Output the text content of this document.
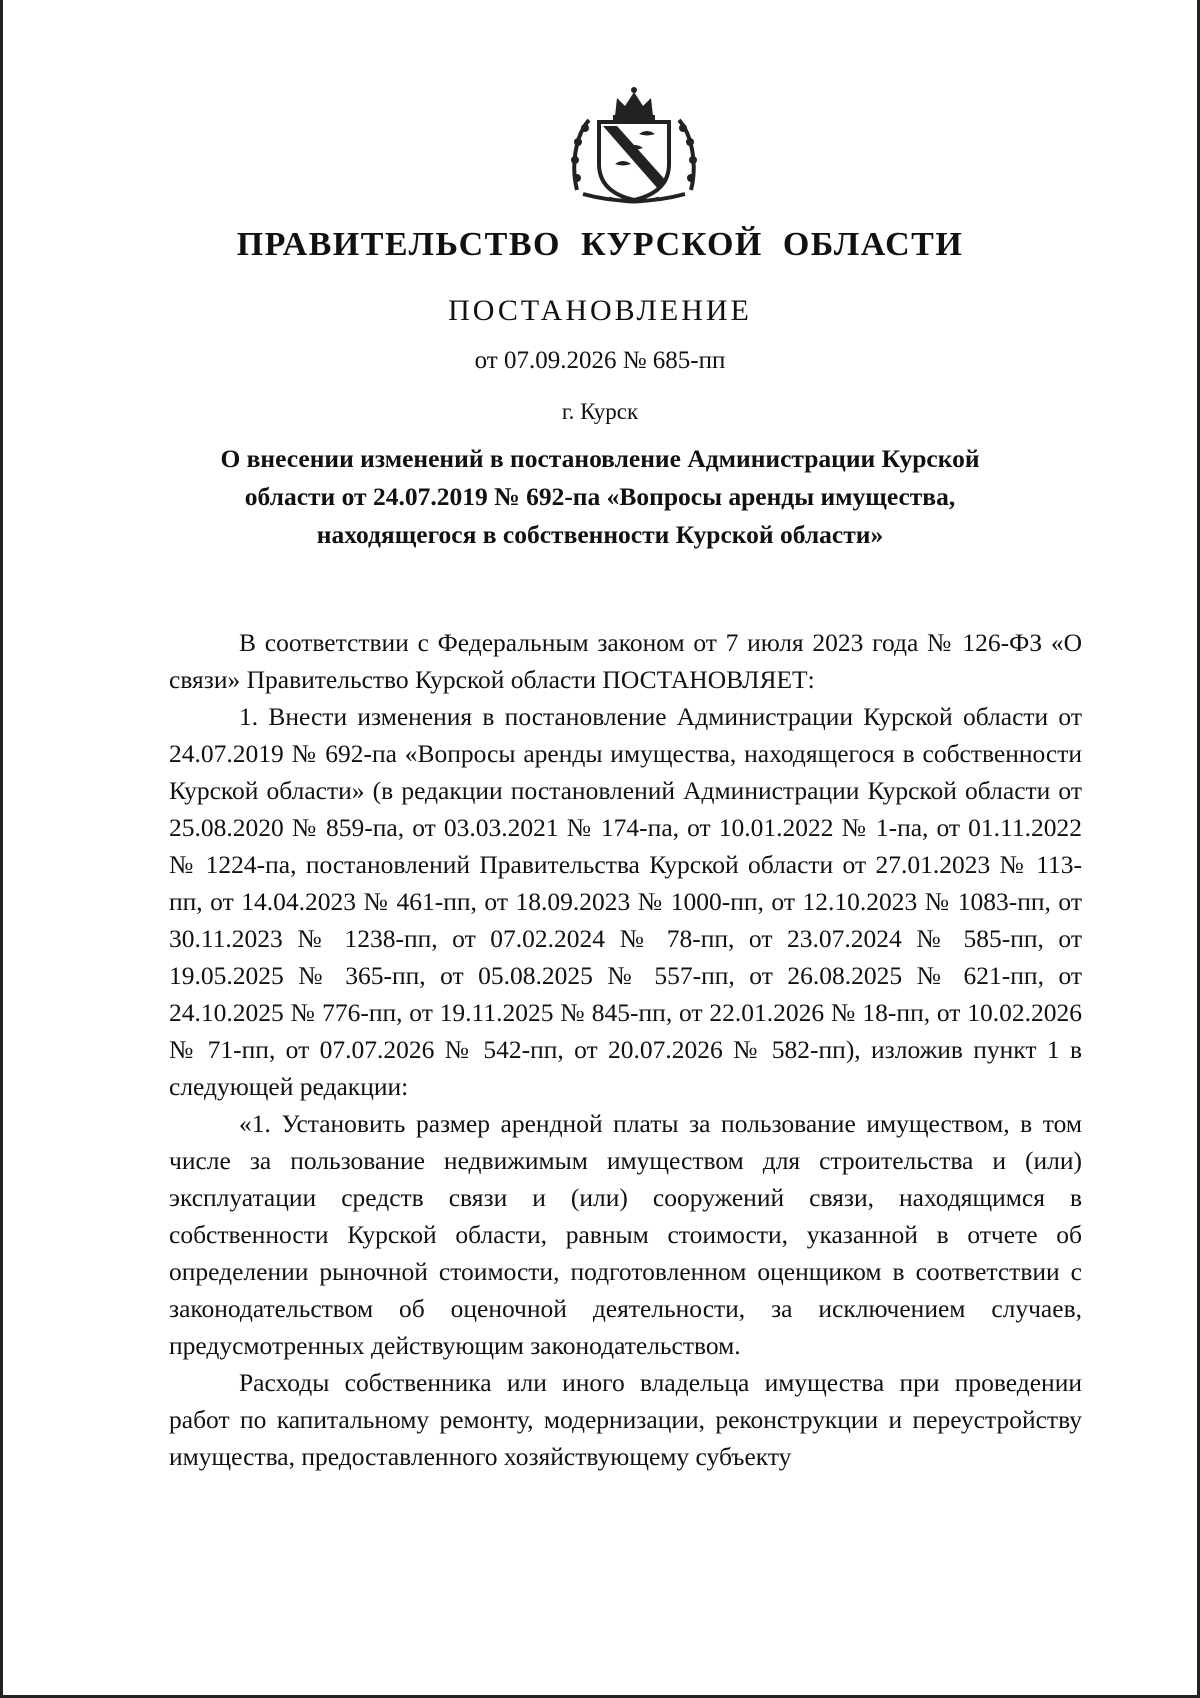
ПРАВИТЕЛЬСТВО КУРСКОЙ ОБЛАСТИ
ПОСТАНОВЛЕНИЕ
от 07.09.2026 № 685-пп
г. Курск
О внесении изменений в постановление Администрации Курской
области от 24.07.2019 № 692-па «Вопросы аренды имущества,
находящегося в собственности Курской области»

В соответствии с Федеральным законом от 7 июля 2023 года № 126-ФЗ «О связи» Правительство Курской области ПОСТАНОВЛЯЕТ:

1. Внести изменения в постановление Администрации Курской области от 24.07.2019 № 692-па «Вопросы аренды имущества, находящегося в собственности Курской области» (в редакции постановлений Администрации Курской области от 25.08.2020 № 859-па, от 03.03.2021 № 174-па, от 10.01.2022 № 1-па, от 01.11.2022 № 1224-па, постановлений Правительства Курской области от 27.01.2023 № 113-пп, от 14.04.2023 № 461-пп, от 18.09.2023 № 1000-пп, от 12.10.2023 № 1083-пп, от 30.11.2023 № 1238-пп, от 07.02.2024 № 78-пп, от 23.07.2024 № 585-пп, от 19.05.2025 № 365-пп, от 05.08.2025 № 557-пп, от 26.08.2025 № 621-пп, от 24.10.2025 № 776-пп, от 19.11.2025 № 845-пп, от 22.01.2026 № 18-пп, от 10.02.2026 № 71-пп, от 07.07.2026 № 542-пп, от 20.07.2026 № 582-пп), изложив пункт 1 в следующей редакции:

«1. Установить размер арендной платы за пользование имуществом, в том числе за пользование недвижимым имуществом для строительства и (или) эксплуатации средств связи и (или) сооружений связи, находящимся в собственности Курской области, равным стоимости, указанной в отчете об определении рыночной стоимости, подготовленном оценщиком в соответствии с законодательством об оценочной деятельности, за исключением случаев, предусмотренных действующим законодательством.

Расходы собственника или иного владельца имущества при проведении работ по капитальному ремонту, модернизации, реконструкции и переустройству имущества, предоставленного хозяйствующему субъекту
